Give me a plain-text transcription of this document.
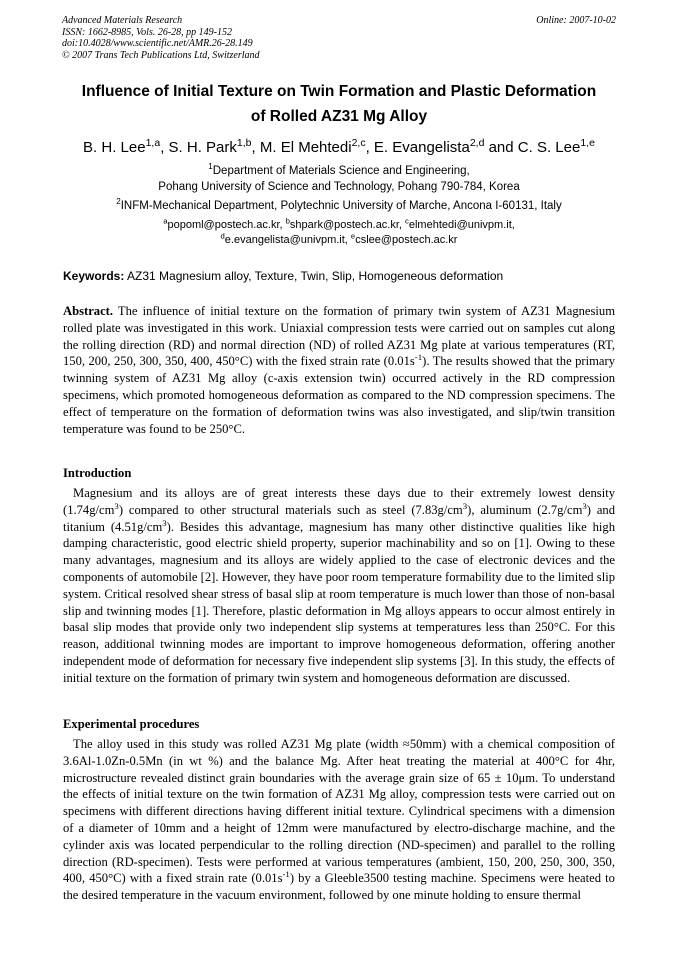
Advanced Materials Research
ISSN: 1662-8985, Vols. 26-28, pp 149-152
doi:10.4028/www.scientific.net/AMR.26-28.149
© 2007 Trans Tech Publications Ltd, Switzerland
Online: 2007-10-02
Influence of Initial Texture on Twin Formation and Plastic Deformation
of Rolled AZ31 Mg Alloy
B. H. Lee$^{1,a}$, S. H. Park$^{1,b}$, M. El Mehtedi$^{2,c}$, E. Evangelista$^{2,d}$ and C. S. Lee$^{1,e}$
$^1$Department of Materials Science and Engineering,
Pohang University of Science and Technology, Pohang 790-784, Korea
$^2$INFM-Mechanical Department, Polytechnic University of Marche, Ancona I-60131, Italy
$^a$popoml@postech.ac.kr, $^b$shpark@postech.ac.kr, $^c$elmehtedi@univpm.it,
$^d$e.evangelista@univpm.it, $^e$cslee@postech.ac.kr
Keywords: AZ31 Magnesium alloy, Texture, Twin, Slip, Homogeneous deformation
Abstract. The influence of initial texture on the formation of primary twin system of AZ31 Magnesium rolled plate was investigated in this work. Uniaxial compression tests were carried out on samples cut along the rolling direction (RD) and normal direction (ND) of rolled AZ31 Mg plate at various temperatures (RT, 150, 200, 250, 300, 350, 400, 450°C) with the fixed strain rate $(0.01s^{-1})$. The results showed that the primary twinning system of AZ31 Mg alloy (c-axis extension twin) occurred actively in the RD compression specimens, which promoted homogeneous deformation as compared to the ND compression specimens. The effect of temperature on the formation of deformation twins was also investigated, and slip/twin transition temperature was found to be 250°C.
Introduction
Magnesium and its alloys are of great interests these days due to their extremely lowest density $(1.74g/cm^3)$ compared to other structural materials such as steel $(7.83g/cm^3)$, aluminum $(2.7g/cm^3)$ and titanium $(4.51g/cm^3)$. Besides this advantage, magnesium has many other distinctive qualities like high damping characteristic, good electric shield property, superior machinability and so on [1]. Owing to these many advantages, magnesium and its alloys are widely applied to the case of electronic devices and the components of automobile [2]. However, they have poor room temperature formability due to the limited slip system. Critical resolved shear stress of basal slip at room temperature is much lower than those of non-basal slip and twinning modes [1]. Therefore, plastic deformation in Mg alloys appears to occur almost entirely in basal slip modes that provide only two independent slip systems at temperatures less than 250°C. For this reason, additional twinning modes are important to improve homogeneous deformation, offering another independent mode of deformation for necessary five independent slip systems [3]. In this study, the effects of initial texture on the formation of primary twin system and homogeneous deformation are discussed.
Experimental procedures
The alloy used in this study was rolled AZ31 Mg plate (width ≈50mm) with a chemical composition of 3.6Al-1.0Zn-0.5Mn (in wt %) and the balance Mg. After heat treating the material at 400°C for 4hr, microstructure revealed distinct grain boundaries with the average grain size of 65 ± 10μm. To understand the effects of initial texture on the twin formation of AZ31 Mg alloy, compression tests were carried out on specimens with different directions having different initial texture. Cylindrical specimens with a dimension of a diameter of 10mm and a height of 12mm were manufactured by electro-discharge machine, and the cylinder axis was located perpendicular to the rolling direction (ND-specimen) and parallel to the rolling direction (RD-specimen). Tests were performed at various temperatures (ambient, 150, 200, 250, 300, 350, 400, 450°C) with a fixed strain rate $(0.01s^{-1})$ by a Gleeble3500 testing machine. Specimens were heated to the desired temperature in the vacuum environment, followed by one minute holding to ensure thermal
